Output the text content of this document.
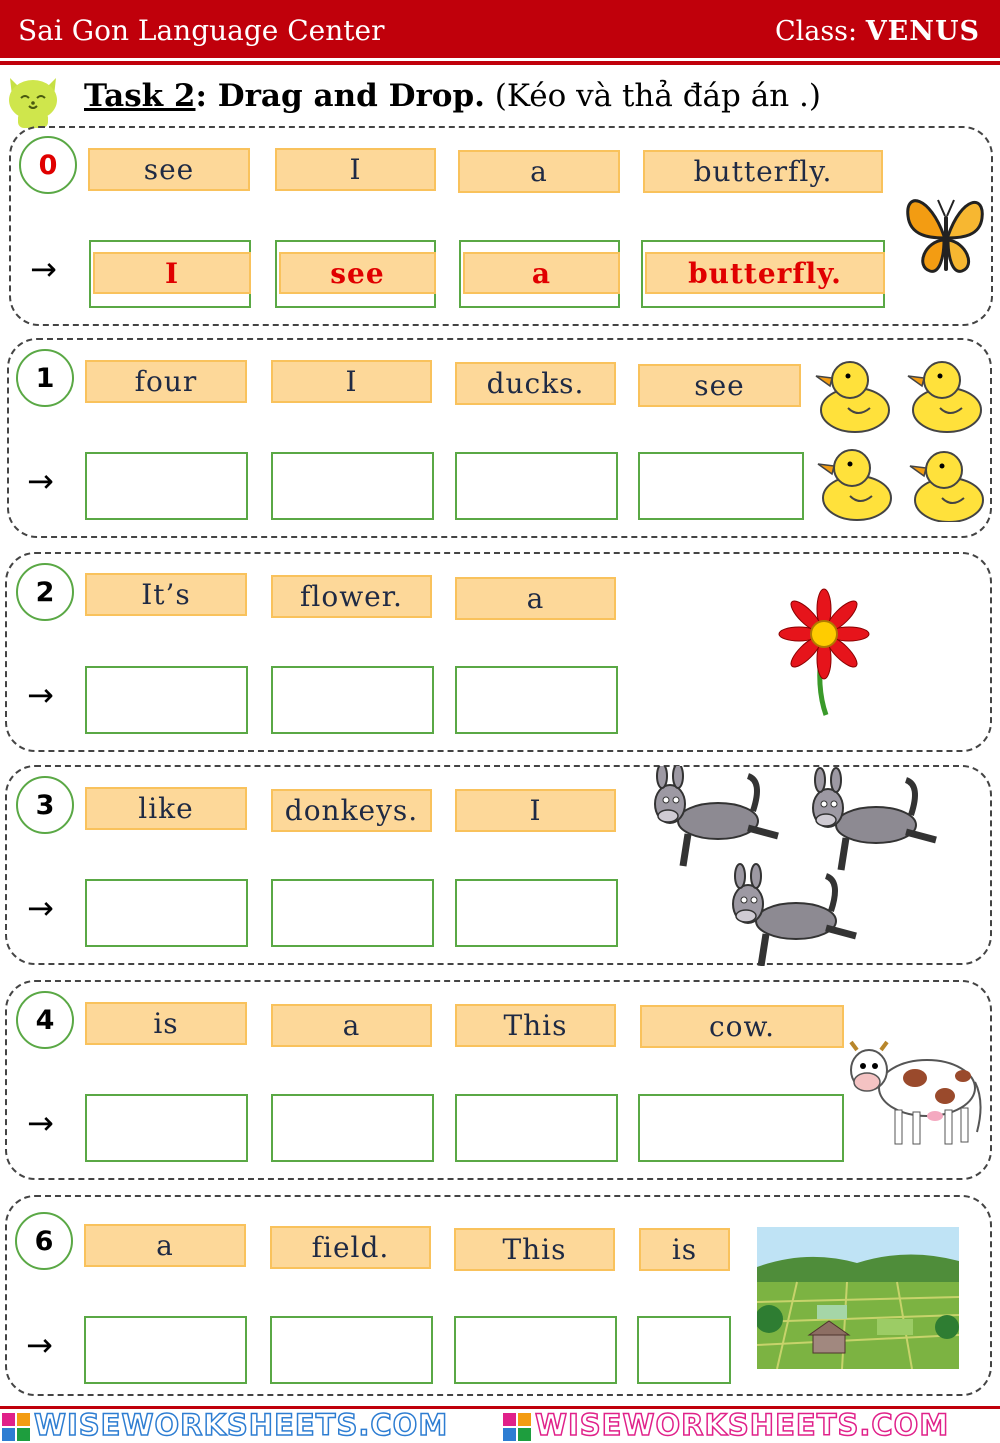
Sai Gon Language Center	Class: VENUS
Task 2: Drag and Drop. (Kéo và thả đáp án .)
0	see	I	a	butterfly.
→	I	see	a	butterfly.
1	four	I	ducks.	see
→
2	It’s	flower.	a
→
3	like	donkeys.	I
→
4	is	a	This	cow.
→
6	a	field.	This	is
→
WISEWORKSHEETS.COM	WISEWORKSHEETS.COM
